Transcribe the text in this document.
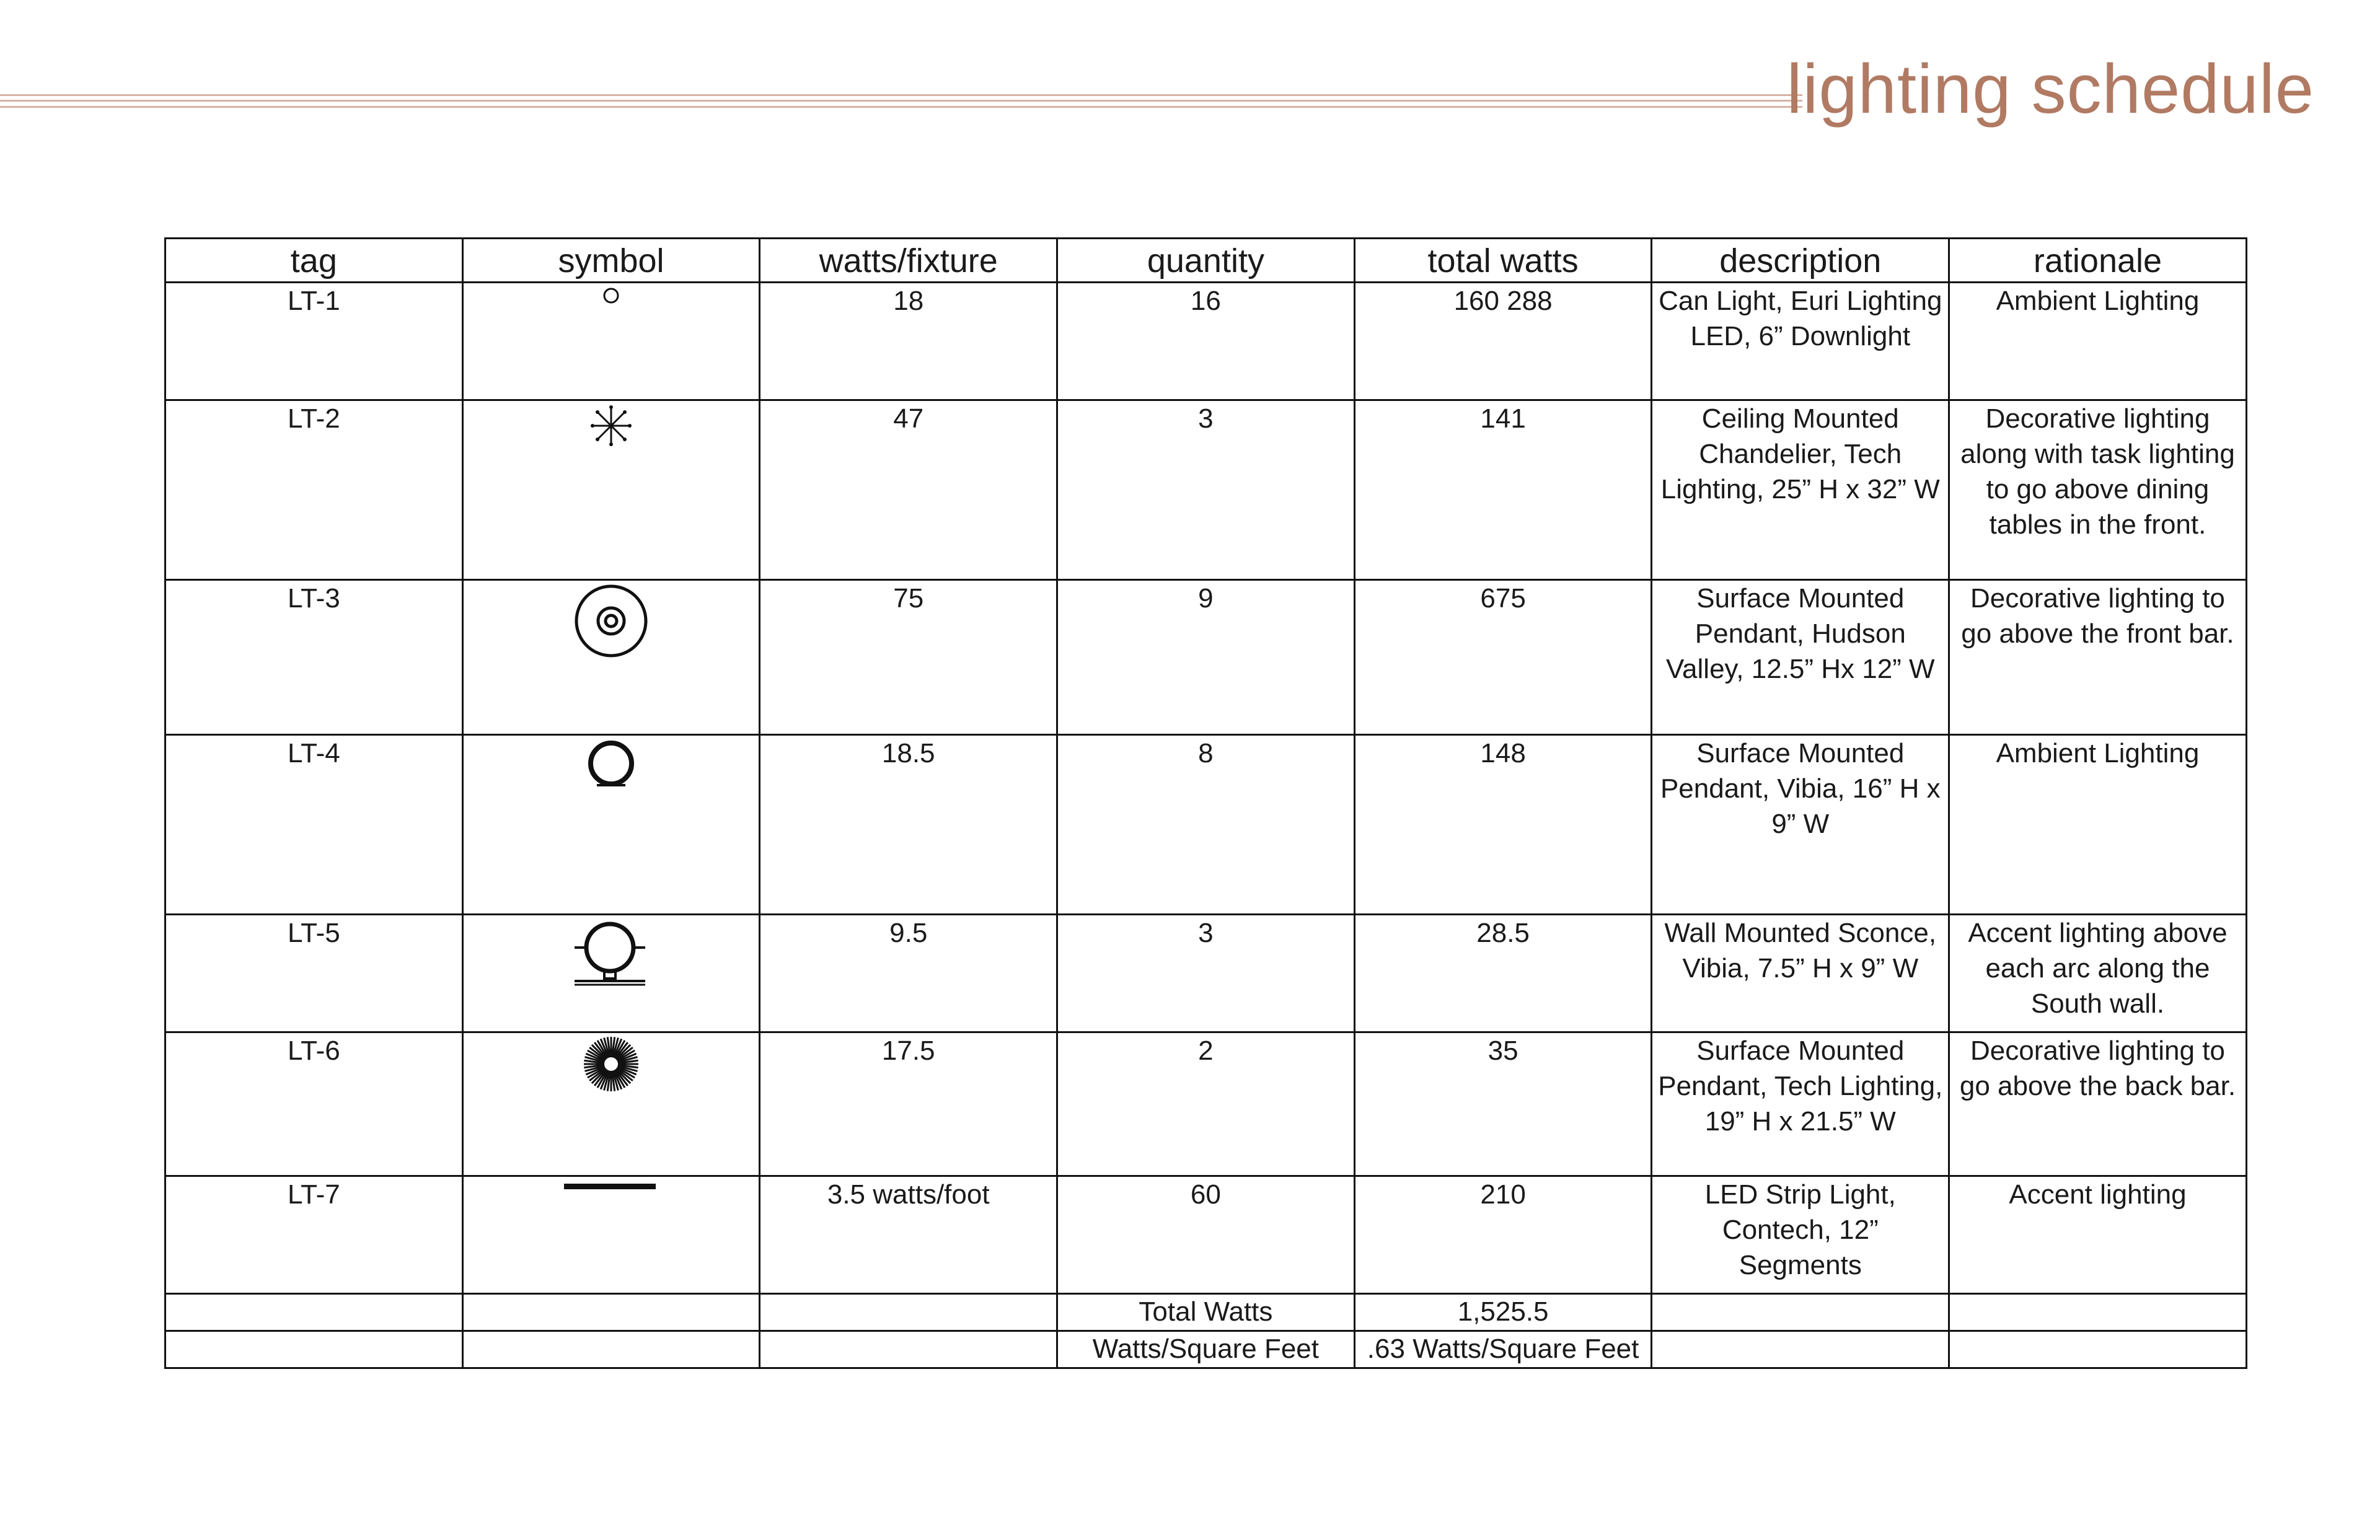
lighting schedule
tag	symbol	watts/fixture	quantity	total watts	description	rationale
LT-1		18	16	160 288	Can Light, Euri Lighting LED, 6” Downlight	Ambient Lighting
LT-2		47	3	141	Ceiling Mounted Chandelier, Tech Lighting, 25” H x 32” W	Decorative lighting along with task lighting to go above dining tables in the front.
LT-3		75	9	675	Surface Mounted Pendant, Hudson Valley, 12.5” Hx 12” W	Decorative lighting to go above the front bar.
LT-4		18.5	8	148	Surface Mounted Pendant, Vibia, 16” H x 9” W	Ambient Lighting
LT-5		9.5	3	28.5	Wall Mounted Sconce, Vibia, 7.5” H x 9” W	Accent lighting above each arc along the South wall.
LT-6		17.5	2	35	Surface Mounted Pendant, Tech Lighting, 19” H x 21.5” W	Decorative lighting to go above the back bar.
LT-7		3.5 watts/foot	60	210	LED Strip Light, Contech, 12” Segments	Accent lighting
			Total Watts	1,525.5		
			Watts/Square Feet	.63 Watts/Square Feet		
